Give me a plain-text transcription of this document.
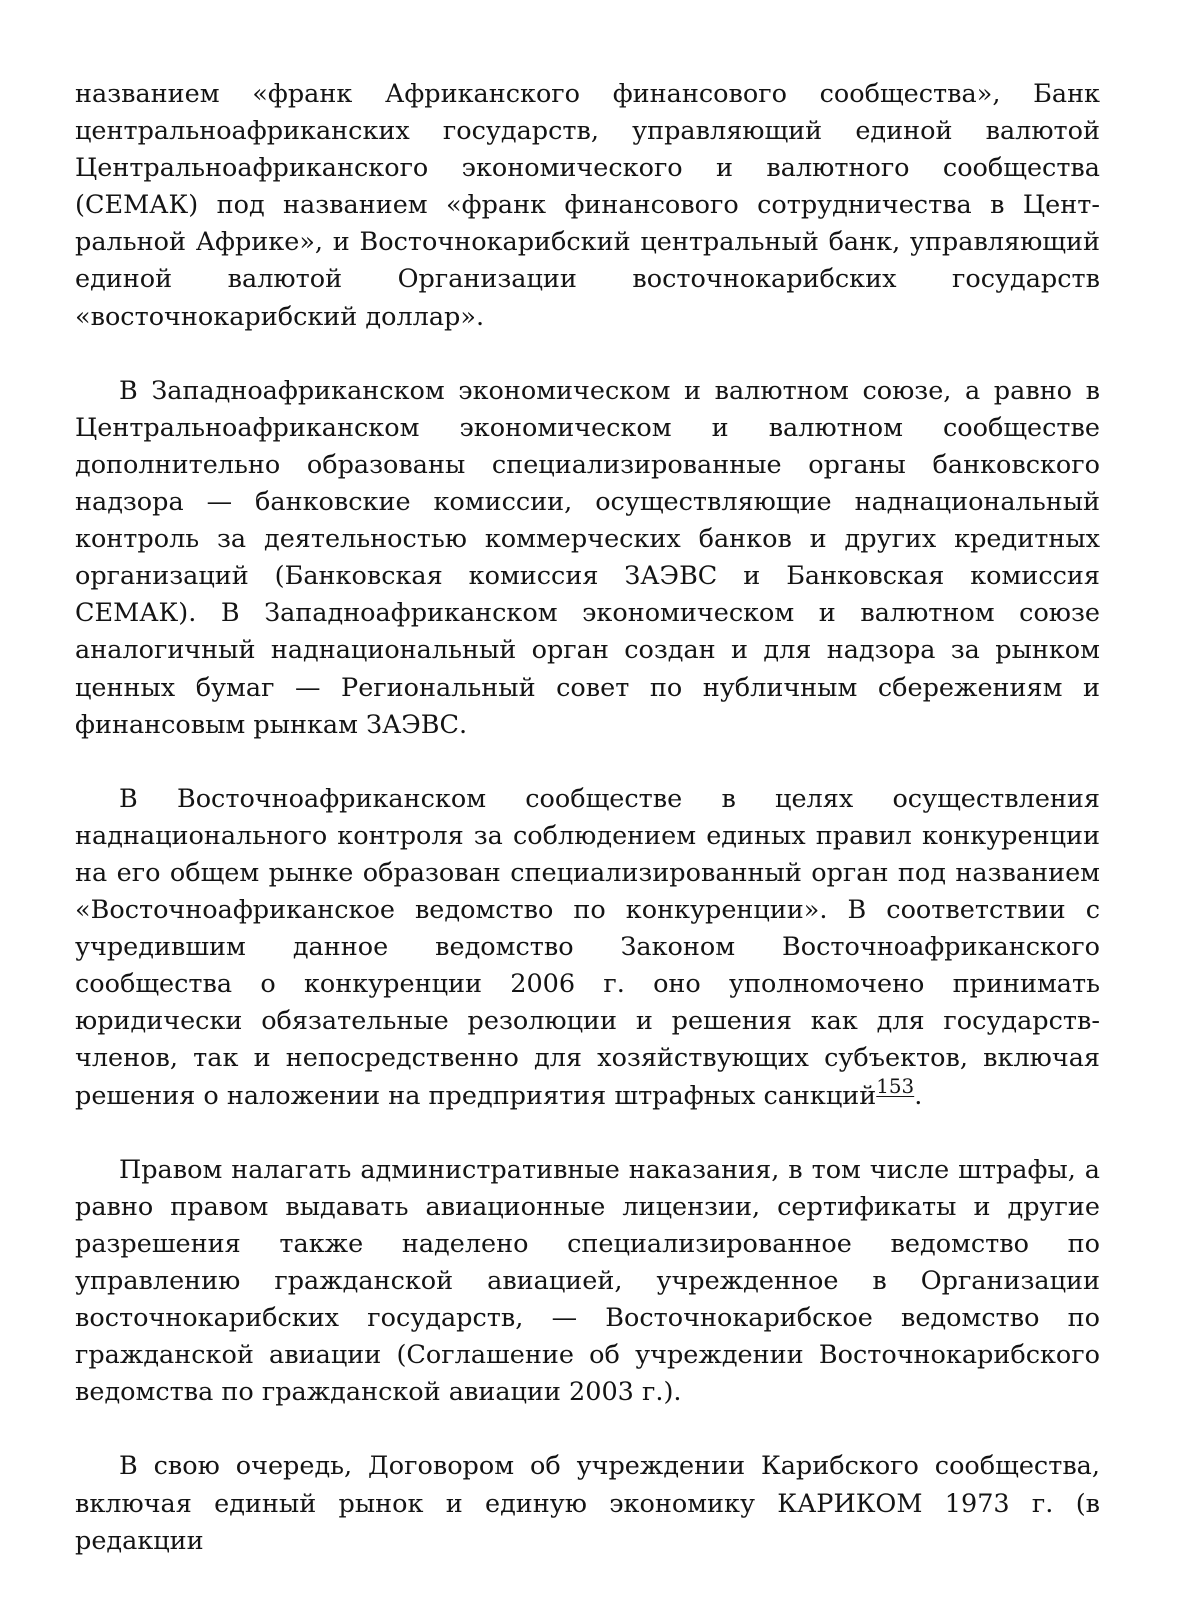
названием «франк Африканского финансового сообщества», Банк центральноафриканских государств, управляющий единой валютой Центральноафриканского экономического и валютного сообщества (СЕМАК) под названием «франк финансового сотрудничества в Центральной Африке», и Восточнокарибский центральный банк, управляющий единой валютой Организации восточнокарибских государств «восточнокарибский доллар».

В Западноафриканском экономическом и валютном союзе, а равно в Центральноафриканском экономическом и валютном сообществе дополнительно образованы специализированные органы банковского надзора — банковские комиссии, осуществляющие наднациональный контроль за деятельностью коммерческих банков и других кредитных организаций (Банковская комиссия ЗАЭВС и Банковская комиссия СЕМАК). В Западноафриканском экономическом и валютном союзе аналогичный наднациональный орган создан и для надзора за рынком ценных бумаг — Региональный совет по нубличным сбережениям и финансовым рынкам ЗАЭВС.

В Восточноафриканском сообществе в целях осуществления наднационального контроля за соблюдением единых правил конкуренции на его общем рынке образован специализированный орган под названием «Восточноафриканское ведомство по конкуренции». В соответствии с учредившим данное ведомство Законом Восточноафриканского сообщества о конкуренции 2006 г. оно уполномочено принимать юридически обязательные резолюции и решения как для государств-членов, так и непосредственно для хозяйствующих субъектов, включая решения о наложении на предприятия штрафных санкций$^{153}$.

Правом налагать административные наказания, в том числе штрафы, а равно правом выдавать авиационные лицензии, сертификаты и другие разрешения также наделено специализированное ведомство по управлению гражданской авиацией, учрежденное в Организации восточнокарибских государств, — Восточнокарибское ведомство по гражданской авиации (Соглашение об учреждении Восточнокарибского ведомства по гражданской авиации 2003 г.).

В свою очередь, Договором об учреждении Карибского сообщества, включая единый рынок и единую экономику КАРИКОМ 1973 г. (в редакции
